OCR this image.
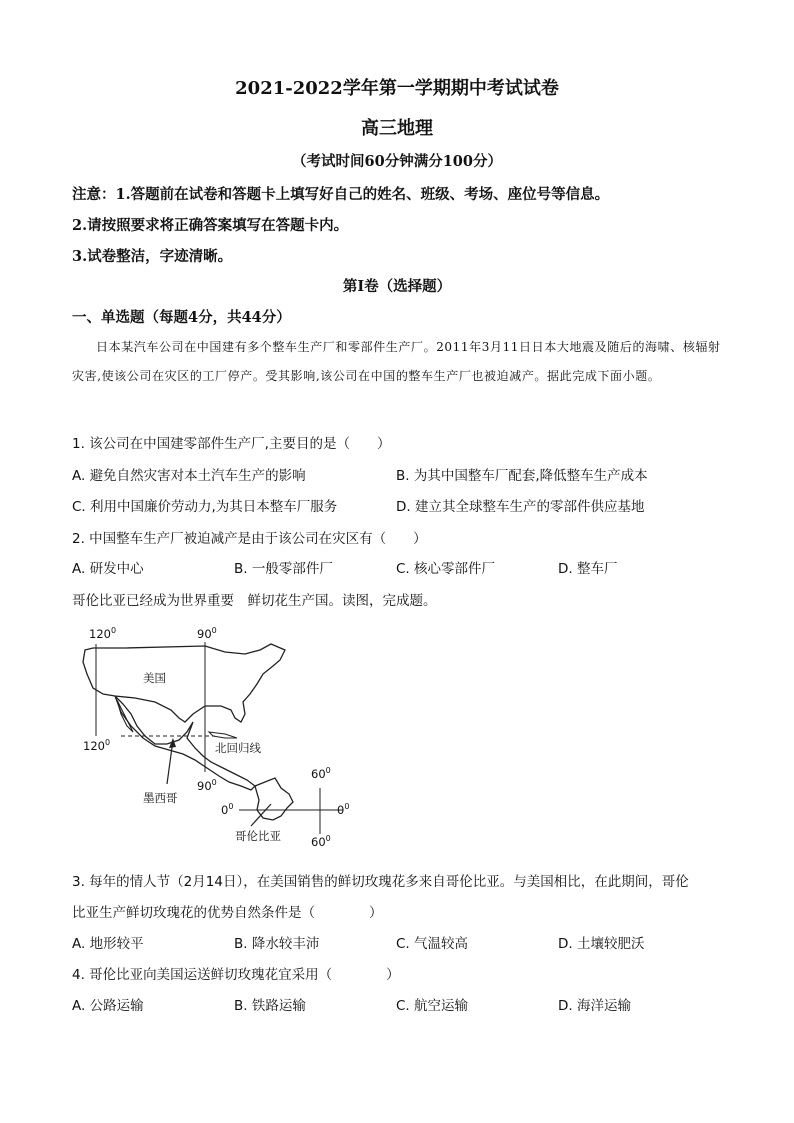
2021-2022学年第一学期期中考试试卷
高三地理
（考试时间60分钟满分100分）
注意：1.答题前在试卷和答题卡上填写好自己的姓名、班级、考场、座位号等信息。
2.请按照要求将正确答案填写在答题卡内。
3.试卷整洁，字迹清晰。
第I卷（选择题）
一、单选题（每题4分，共44分）

日本某汽车公司在中国建有多个整车生产厂和零部件生产厂。2011年3月11日日本大地震及随后的海啸、核辐射灾害,使该公司在灾区的工厂停产。受其影响,该公司在中国的整车生产厂也被迫减产。据此完成下面小题。

1. 该公司在中国建零部件生产厂,主要目的是（　　）
A. 避免自然灾害对本土汽车生产的影响	B. 为其中国整车厂配套,降低整车生产成本
C. 利用中国廉价劳动力,为其日本整车厂服务	D. 建立其全球整车生产的零部件供应基地
2. 中国整车生产厂被迫减产是由于该公司在灾区有（　　）
A. 研发中心	B. 一般零部件厂	C. 核心零部件厂	D. 整车厂
哥伦比亚已经成为世界重要　鲜切花生产国。读图，完成题。
$120^0$	$90^0$
美国
$120^0$	北回归线
$90^0$
$60^0$
墨西哥
$0^0$	$0^0$
哥伦比亚	$60^0$
3. 每年的情人节（2月14日），在美国销售的鲜切玫瑰花多来自哥伦比亚。与美国相比，在此期间，哥伦
比亚生产鲜切玫瑰花的优势自然条件是（　　　　）
A. 地形较平	B. 降水较丰沛	C. 气温较高	D. 土壤较肥沃
4. 哥伦比亚向美国运送鲜切玫瑰花宜采用（　　　　）
A. 公路运输	B. 铁路运输	C. 航空运输	D. 海洋运输
